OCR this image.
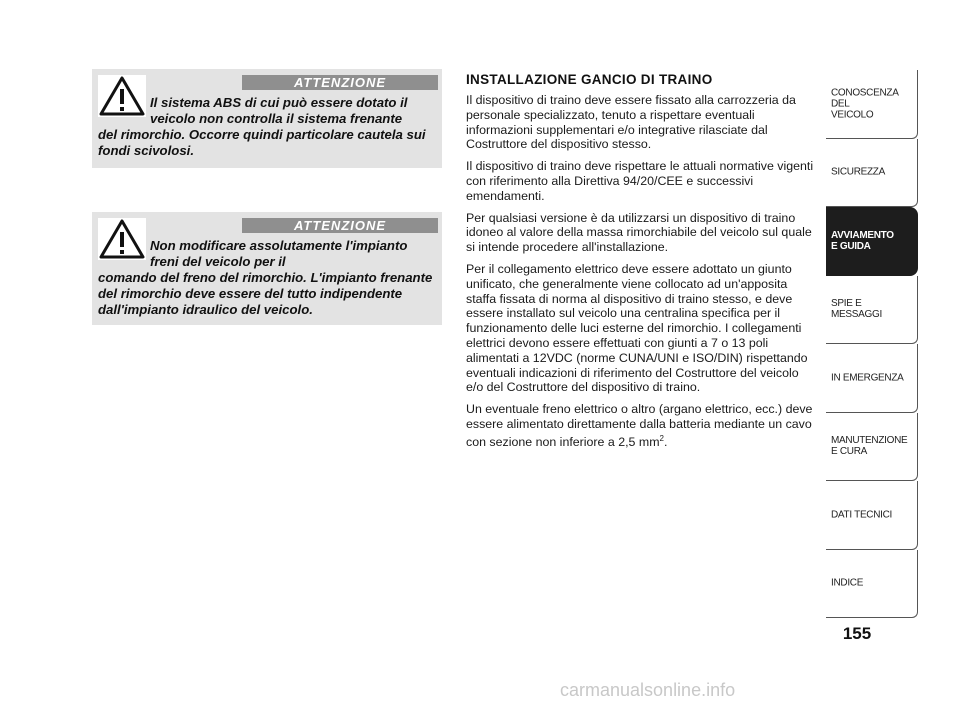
ATTENZIONE
Il sistema ABS di cui può essere dotato il veicolo non controlla il sistema frenante
del rimorchio. Occorre quindi particolare cautela sui fondi scivolosi.
ATTENZIONE
Non modificare assolutamente l'impianto freni del veicolo per il
comando del freno del rimorchio. L'impianto frenante del rimorchio deve essere del tutto indipendente dall'impianto idraulico del veicolo.
INSTALLAZIONE GANCIO DI TRAINO

Il dispositivo di traino deve essere fissato alla carrozzeria da personale specializzato, tenuto a rispettare eventuali informazioni supplementari e/o integrative rilasciate dal Costruttore del dispositivo stesso.

Il dispositivo di traino deve rispettare le attuali normative vigenti con riferimento alla Direttiva 94/20/CEE e successivi emendamenti.

Per qualsiasi versione è da utilizzarsi un dispositivo di traino idoneo al valore della massa rimorchiabile del veicolo sul quale si intende procedere all'installazione.

Per il collegamento elettrico deve essere adottato un giunto unificato, che generalmente viene collocato ad un'apposita staffa fissata di norma al dispositivo di traino stesso, e deve essere installato sul veicolo una centralina specifica per il funzionamento delle luci esterne del rimorchio. I collegamenti elettrici devono essere effettuati con giunti a 7 o 13 poli alimentati a 12VDC (norme CUNA/UNI e ISO/DIN) rispettando eventuali indicazioni di riferimento del Costruttore del veicolo e/o del Costruttore del dispositivo di traino.

Un eventuale freno elettrico o altro (argano elettrico, ecc.) deve essere alimentato direttamente dalla batteria mediante un cavo con sezione non inferiore a 2,5 $mm^2$.

CONOSCENZA
DEL
VEICOLO
SICUREZZA
AVVIAMENTO
E GUIDA
SPIE E
MESSAGGI
IN EMERGENZA
MANUTENZIONE
E CURA
DATI TECNICI
INDICE
155
carmanualsonline.info
